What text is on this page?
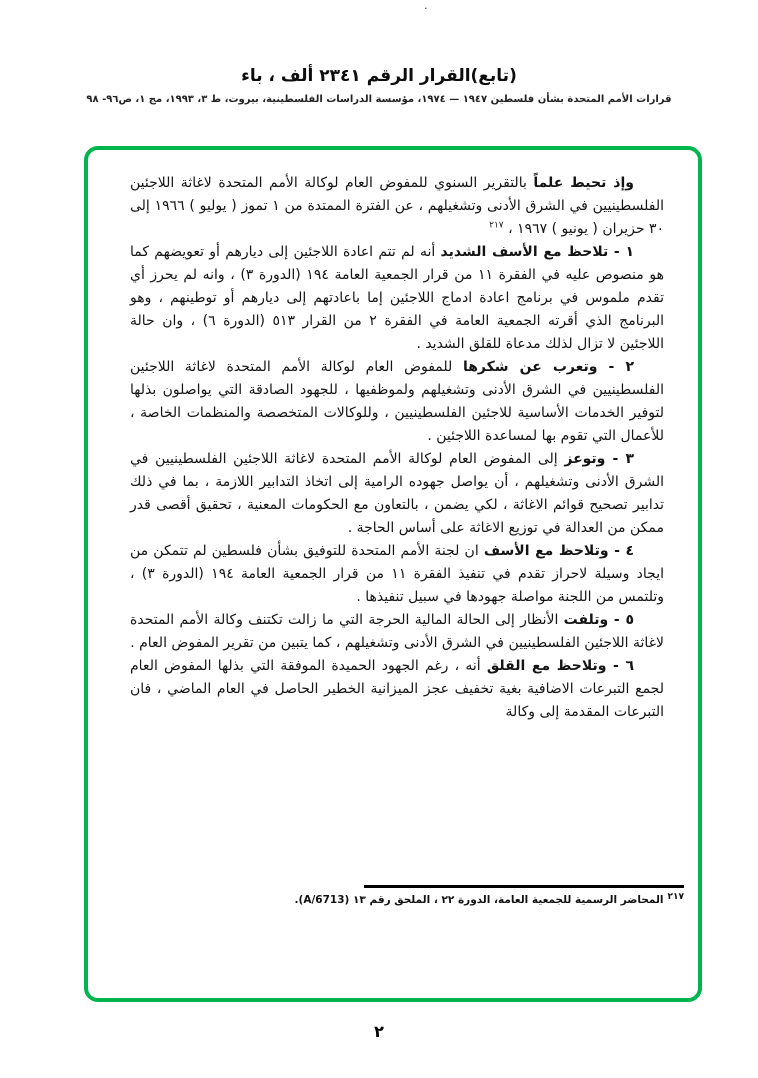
·
(تابع)القرار الرقم ٢٣٤١ ألف ، باء
قرارات الأمم المتحدة بشأن فلسطين ١٩٤٧ — ١٩٧٤، مؤسسة الدراسات الفلسطينية، بيروت، ط ٣، ١٩٩٣، مج ١، ص٩٦- ٩٨

وإذ تحيط علماً بالتقرير السنوي للمفوض العام لوكالة الأمم المتحدة لاغاثة اللاجئين الفلسطينيين في الشرق الأدنى وتشغيلهم ، عن الفترة الممتدة من ١ تموز ( يوليو ) ١٩٦٦ إلى ٣٠ حزيران ( يونيو ) ١٩٦٧ ، $^{٢١٧}$

١ - تلاحظ مع الأسف الشديد أنه لم تتم اعادة اللاجئين إلى ديارهم أو تعويضهم كما هو منصوص عليه في الفقرة ١١ من قرار الجمعية العامة ١٩٤ (الدورة ٣) ، وانه لم يحرز أي تقدم ملموس في برنامج اعادة ادماج اللاجئين إما باعادتهم إلى ديارهم أو توطينهم ، وهو البرنامج الذي أقرته الجمعية العامة في الفقرة ٢ من القرار ٥١٣ (الدورة ٦) ، وان حالة اللاجئين لا تزال لذلك مدعاة للقلق الشديد .

٢ - وتعرب عن شكرها للمفوض العام لوكالة الأمم المتحدة لاغاثة اللاجئين الفلسطينيين في الشرق الأدنى وتشغيلهم ولموظفيها ، للجهود الصادقة التي يواصلون بذلها لتوفير الخدمات الأساسية للاجئين الفلسطينيين ، وللوكالات المتخصصة والمنظمات الخاصة ، للأعمال التي تقوم بها لمساعدة اللاجئين .

٣ - وتوعز إلى المفوض العام لوكالة الأمم المتحدة لاغاثة اللاجئين الفلسطينيين في الشرق الأدنى وتشغيلهم ، أن يواصل جهوده الرامية إلى اتخاذ التدابير اللازمة ، بما في ذلك تدابير تصحيح قوائم الاغاثة ، لكي يضمن ، بالتعاون مع الحكومات المعنية ، تحقيق أقصى قدر ممكن من العدالة في توزيع الاغاثة على أساس الحاجة .

٤ - وتلاحظ مع الأسف ان لجنة الأمم المتحدة للتوفيق بشأن فلسطين لم تتمكن من ايجاد وسيلة لاحراز تقدم في تنفيذ الفقرة ١١ من قرار الجمعية العامة ١٩٤ (الدورة ٣) ، وتلتمس من اللجنة مواصلة جهودها في سبيل تنفيذها .

٥ - وتلفت الأنظار إلى الحالة المالية الحرجة التي ما زالت تكتنف وكالة الأمم المتحدة لاغاثة اللاجئين الفلسطينيين في الشرق الأدنى وتشغيلهم ، كما يتبين من تقرير المفوض العام .

٦ - وتلاحظ مع القلق أنه ، رغم الجهود الحميدة الموفقة التي بذلها المفوض العام لجمع التبرعات الاضافية بغية تخفيف عجز الميزانية الخطير الحاصل في العام الماضي ، فان التبرعات المقدمة إلى وكالة

$^{٢١٧}$المحاضر الرسمية للجمعية العامة، الدورة ٢٢ ، الملحق رقم ١٣ (A/6713).
٢
